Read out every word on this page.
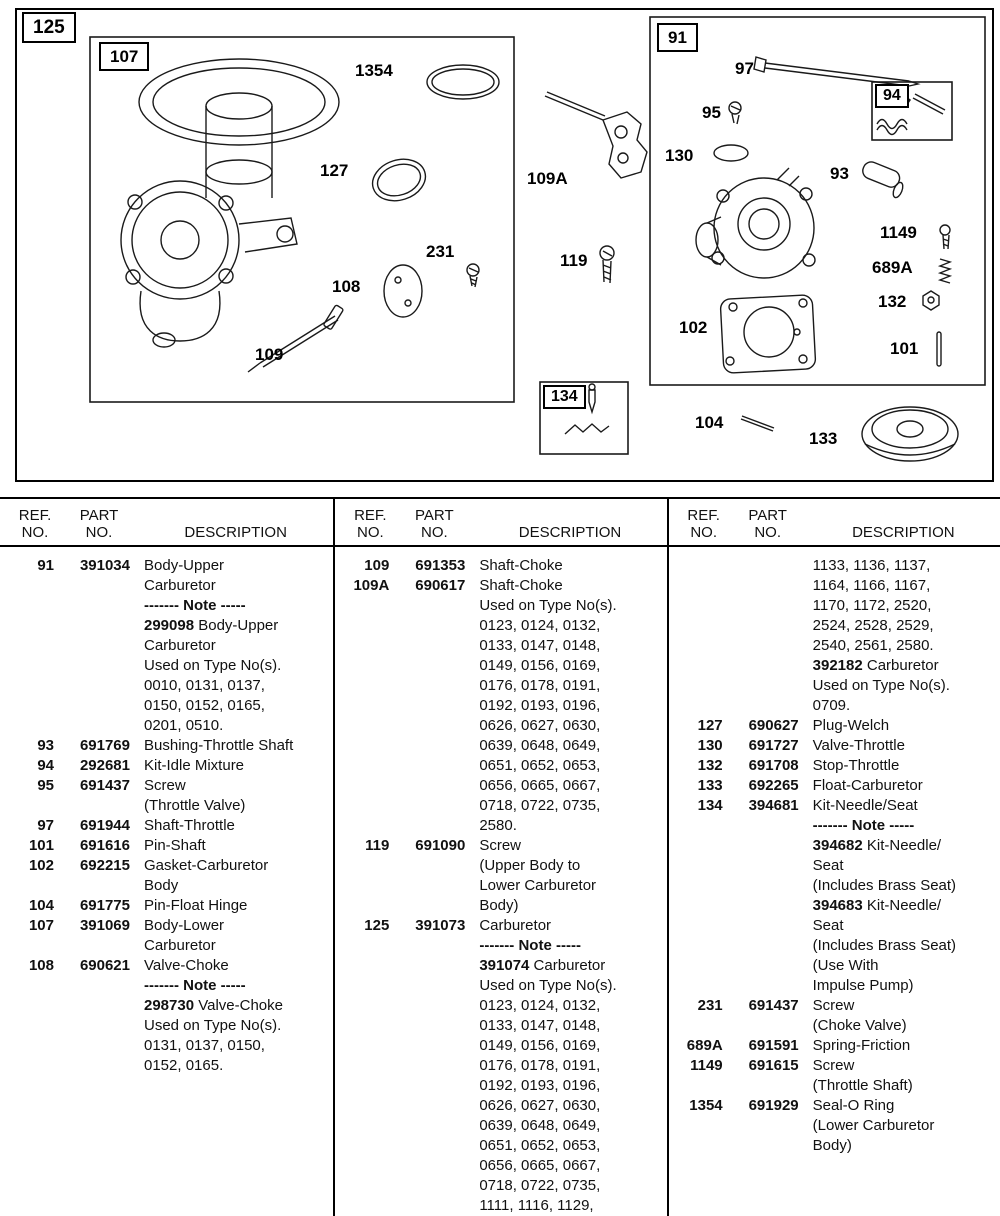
125
107
91
94
134
1354
127
231
108
109
109A
119
97
95
130
93
1149
689A
132
101
102
104
133
REF.
NO.
PART
NO.	DESCRIPTION
91	391034 Body-Upper
Carburetor
------- Note -----
299098 Body-Upper
Carburetor
Used on Type No(s).
0010, 0131, 0137,
0150, 0152, 0165,
0201, 0510.
93	691769 Bushing-Throttle Shaft
94	292681 Kit-Idle Mixture
95	691437 Screw
(Throttle Valve)
97	691944 Shaft-Throttle
101	691616 Pin-Shaft
102	692215 Gasket-Carburetor
Body
104	691775 Pin-Float Hinge
107	391069 Body-Lower
Carburetor
108	690621 Valve-Choke
------- Note -----
298730 Valve-Choke
Used on Type No(s).
0131, 0137, 0150,
0152, 0165.
REF.
NO.
PART
NO.	DESCRIPTION
109	691353 Shaft-Choke
109A	690617 Shaft-Choke
Used on Type No(s).
0123, 0124, 0132,
0133, 0147, 0148,
0149, 0156, 0169,
0176, 0178, 0191,
0192, 0193, 0196,
0626, 0627, 0630,
0639, 0648, 0649,
0651, 0652, 0653,
0656, 0665, 0667,
0718, 0722, 0735,
2580.
119	691090 Screw
(Upper Body to
Lower Carburetor
Body)
125	391073 Carburetor
------- Note -----
391074 Carburetor
Used on Type No(s).
0123, 0124, 0132,
0133, 0147, 0148,
0149, 0156, 0169,
0176, 0178, 0191,
0192, 0193, 0196,
0626, 0627, 0630,
0639, 0648, 0649,
0651, 0652, 0653,
0656, 0665, 0667,
0718, 0722, 0735,
1111, 1116, 1129,
REF.
NO.
PART
NO.	DESCRIPTION
1133, 1136, 1137,
1164, 1166, 1167,
1170, 1172, 2520,
2524, 2528, 2529,
2540, 2561, 2580.
392182 Carburetor
Used on Type No(s).
0709.
127	690627 Plug-Welch
130	691727 Valve-Throttle
132	691708 Stop-Throttle
133	692265 Float-Carburetor
134	394681 Kit-Needle/Seat
------- Note -----
394682 Kit-Needle/
Seat
(Includes Brass Seat)
394683 Kit-Needle/
Seat
(Includes Brass Seat)
(Use With
Impulse Pump)
231	691437 Screw
(Choke Valve)
689A	691591 Spring-Friction
1149	691615 Screw
(Throttle Shaft)
1354	691929 Seal-O Ring
(Lower Carburetor
Body)
